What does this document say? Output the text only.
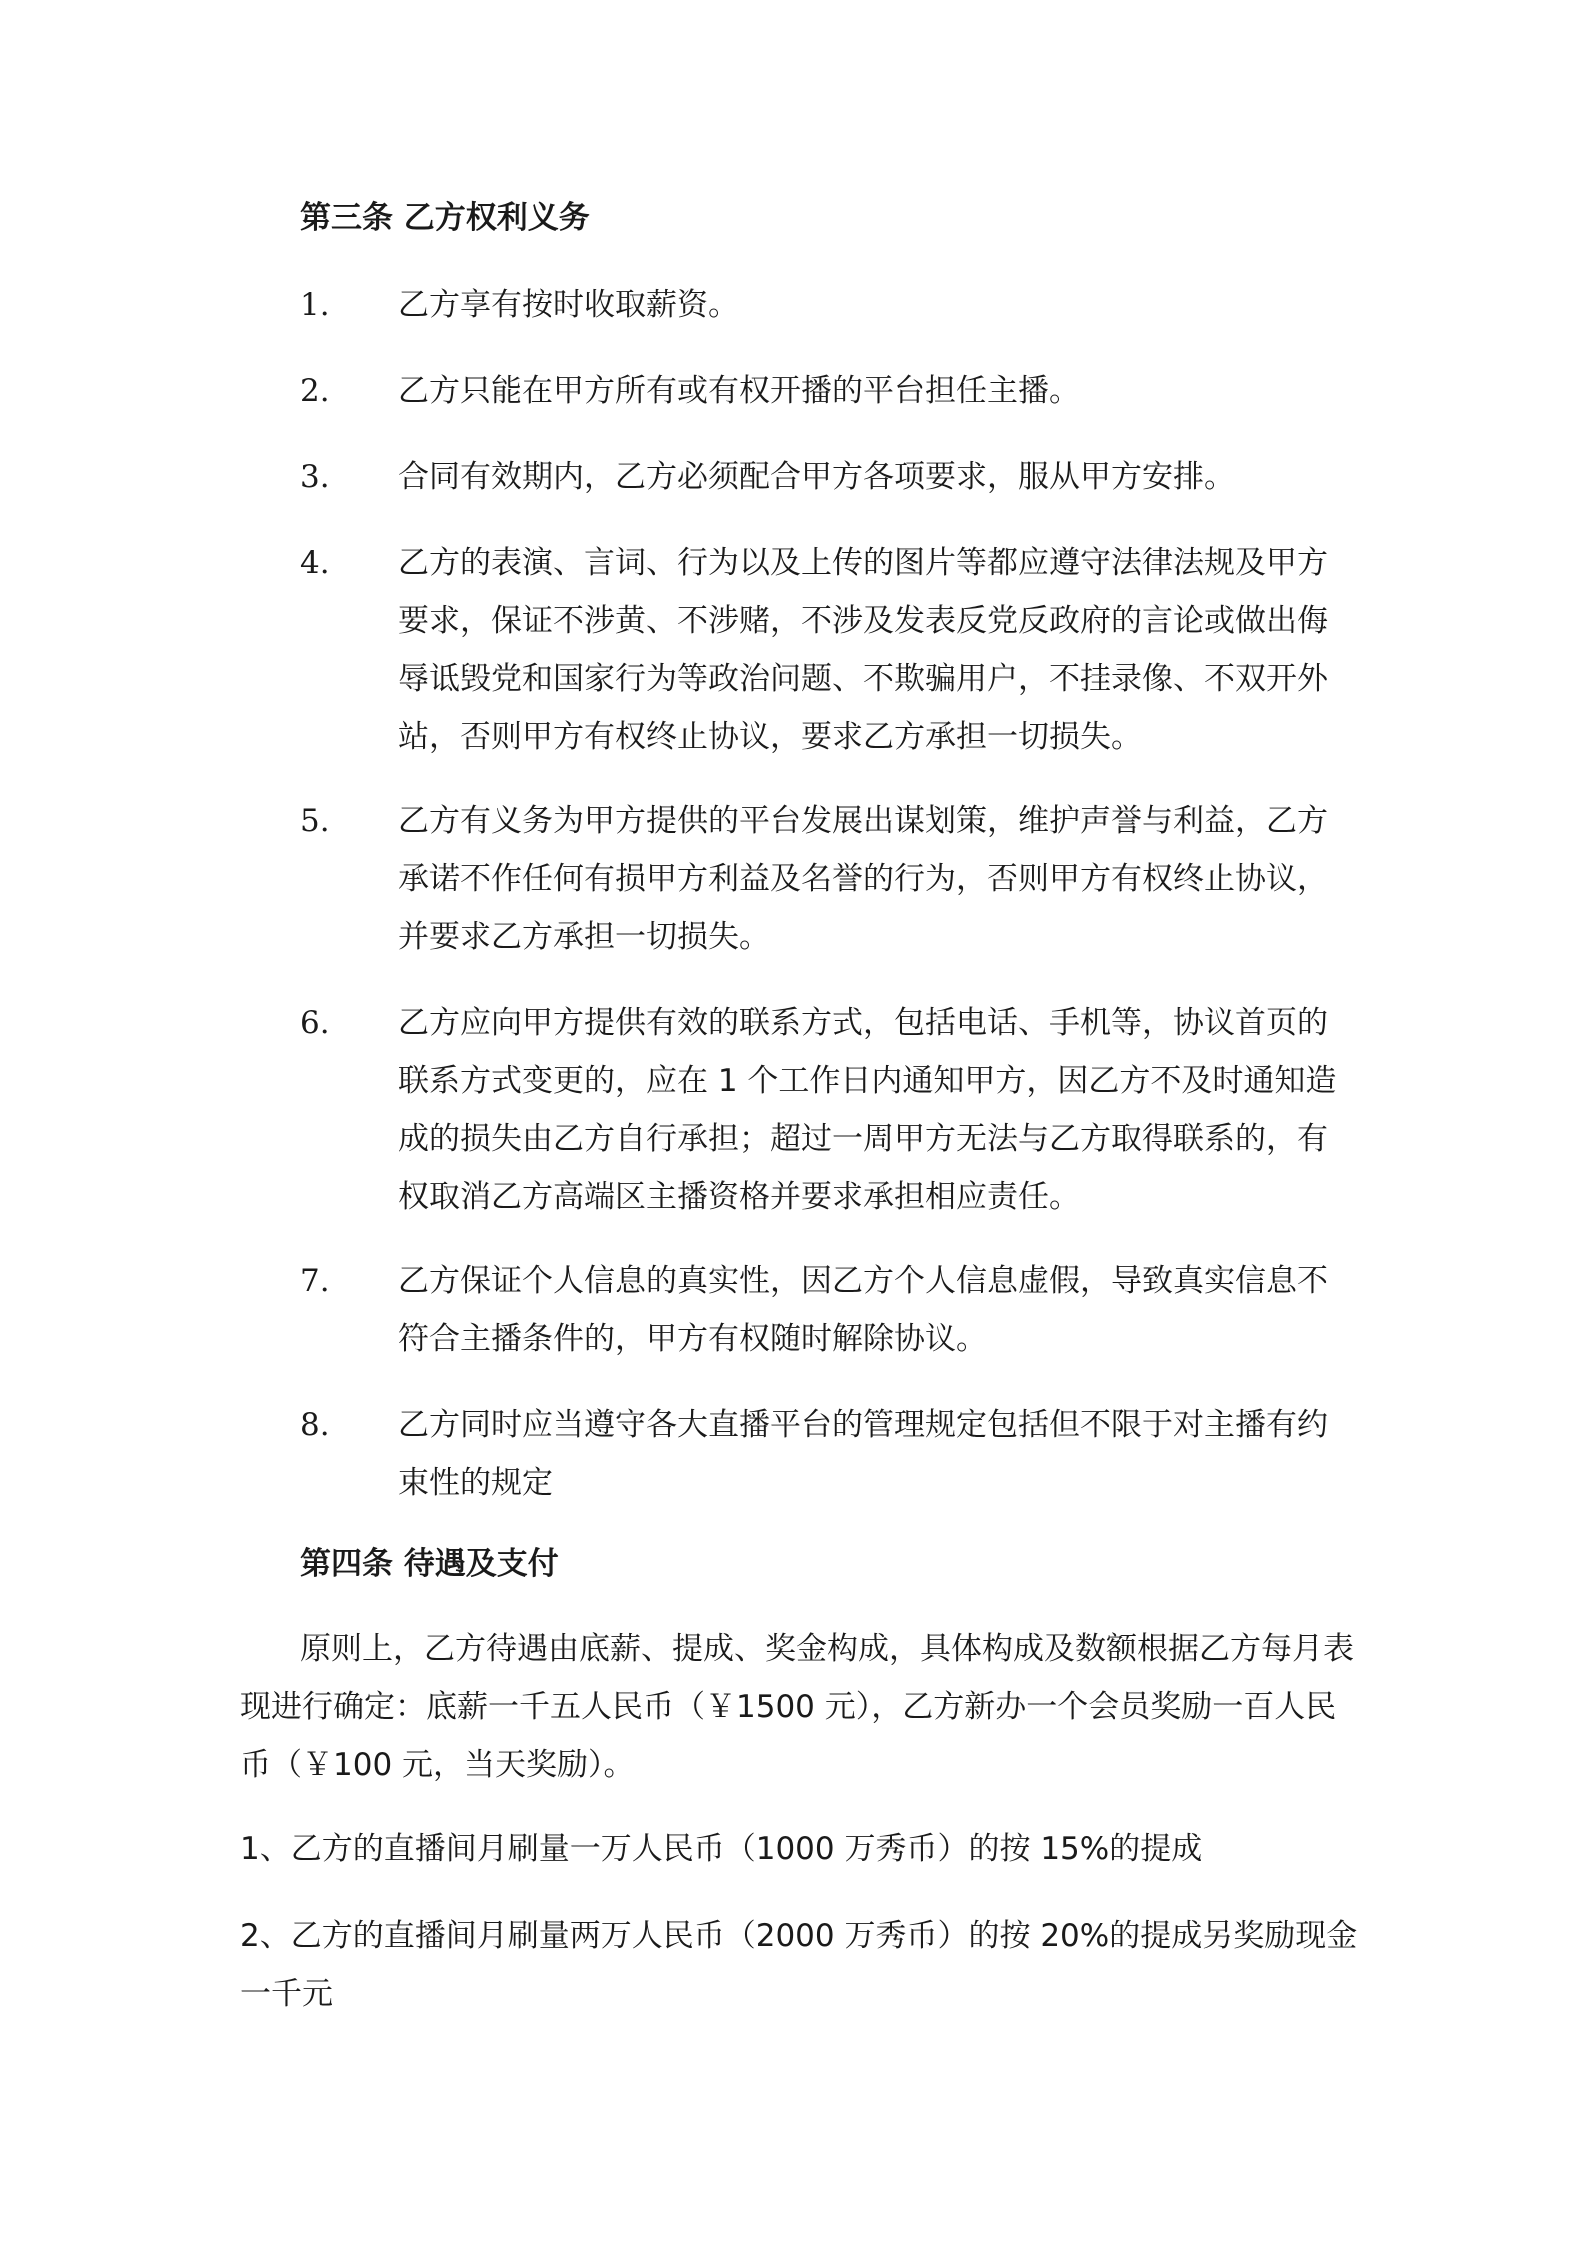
第三条 乙方权利义务
1. 乙方享有按时收取薪资。
2. 乙方只能在甲方所有或有权开播的平台担任主播。
3. 合同有效期内，乙方必须配合甲方各项要求，服从甲方安排。
4. 乙方的表演、言词、行为以及上传的图片等都应遵守法律法规及甲方要求，保证不涉黄、不涉赌，不涉及发表反党反政府的言论或做出侮辱诋毁党和国家行为等政治问题、不欺骗用户，不挂录像、不双开外站，否则甲方有权终止协议，要求乙方承担一切损失。
5. 乙方有义务为甲方提供的平台发展出谋划策，维护声誉与利益，乙方承诺不作任何有损甲方利益及名誉的行为，否则甲方有权终止协议，并要求乙方承担一切损失。
6. 乙方应向甲方提供有效的联系方式，包括电话、手机等，协议首页的联系方式变更的，应在 1 个工作日内通知甲方，因乙方不及时通知造成的损失由乙方自行承担；超过一周甲方无法与乙方取得联系的，有权取消乙方高端区主播资格并要求承担相应责任。
7. 乙方保证个人信息的真实性，因乙方个人信息虚假，导致真实信息不符合主播条件的，甲方有权随时解除协议。
8. 乙方同时应当遵守各大直播平台的管理规定包括但不限于对主播有约束性的规定
第四条 待遇及支付
原则上，乙方待遇由底薪、提成、奖金构成，具体构成及数额根据乙方每月表现进行确定：底薪一千五人民币（￥1500 元），乙方新办一个会员奖励一百人民币（￥100 元，当天奖励）。
1、乙方的直播间月刷量一万人民币（1000 万秀币）的按 15%的提成
2、乙方的直播间月刷量两万人民币（2000 万秀币）的按 20%的提成另奖励现金一千元
